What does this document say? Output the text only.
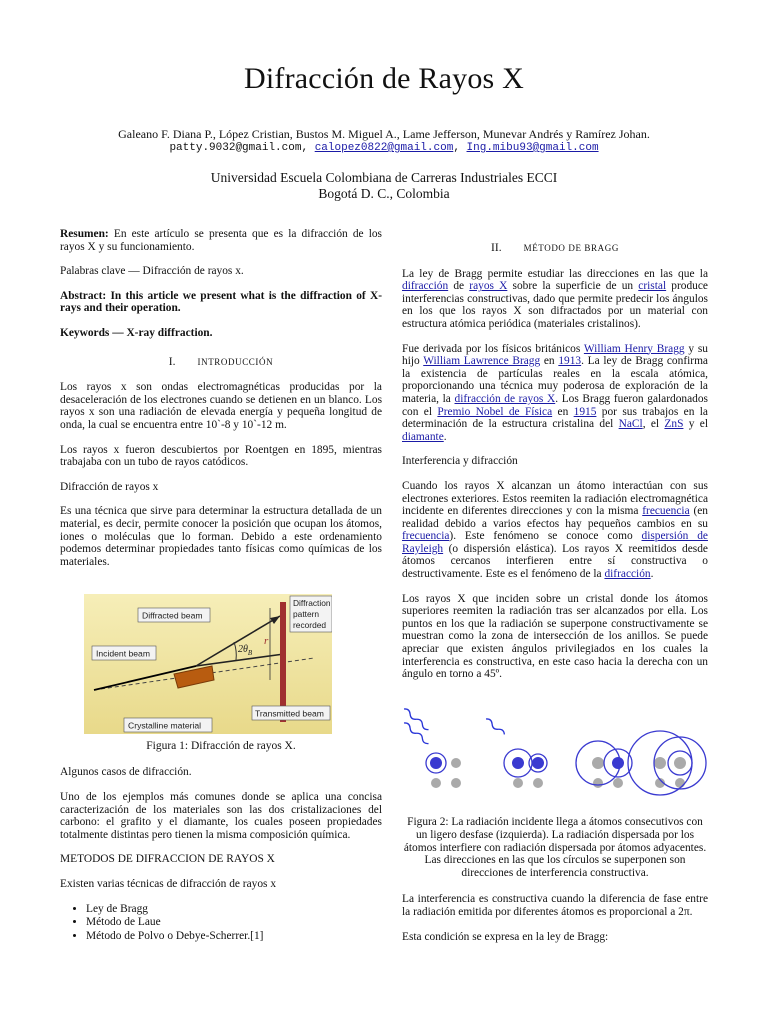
Difracción de Rayos X
Galeano F. Diana P., López Cristian, Bustos M. Miguel A., Lame Jefferson, Munevar Andrés y Ramírez Johan.
patty.9032@gmail.com, calopez0822@gmail.com, Ing.mibu93@gmail.com
Universidad Escuela Colombiana de Carreras Industriales ECCI
Bogotá D. C., Colombia

Resumen: En este artículo se presenta que es la difracción de los rayos X y su funcionamiento.

Palabras clave — Difracción de rayos x.

Abstract: In this article we present what is the diffraction of X-rays and their operation.

Keywords — X-ray diffraction.

I. INTRODUCCIÓN

Los rayos x son ondas electromagnéticas producidas por la desaceleración de los electrones cuando se detienen en un blanco. Los rayos x son una radiación de elevada energía y pequeña longitud de onda, la cual se encuentra entre 10`-8 y 10`-12 m.

Los rayos x fueron descubiertos por Roentgen en 1895, mientras trabajaba con un tubo de rayos catódicos.

Difracción de rayos x

Es una técnica que sirve para determinar la estructura detallada de un material, es decir, permite conocer la posición que ocupan los átomos, iones o moléculas que lo forman. Debido a este ordenamiento podemos determinar propiedades tanto físicas como químicas de los materiales.

$2\theta_B$
r
Diffracted beam
Incident beam
Diffraction
pattern
recorded
Crystalline material
Transmitted beam
Figura 1: Difracción de rayos X.

Algunos casos de difracción.

Uno de los ejemplos más comunes donde se aplica una concisa caracterización de los materiales son las dos cristalizaciones del carbono: el grafito y el diamante, los cuales poseen propiedades totalmente distintas pero tienen la misma composición química.

METODOS DE DIFRACCION DE RAYOS X

Existen varias técnicas de difracción de rayos x

• Ley de Bragg
• Método de Laue
• Método de Polvo o Debye-Scherrer.[1]
II. MÉTODO DE BRAGG

La ley de Bragg permite estudiar las direcciones en las que la difracción de rayos X sobre la superficie de un cristal produce interferencias constructivas, dado que permite predecir los ángulos en los que los rayos X son difractados por un material con estructura atómica periódica (materiales cristalinos).

Fue derivada por los físicos británicos William Henry Bragg y su hijo William Lawrence Bragg en 1913. La ley de Bragg confirma la existencia de partículas reales en la escala atómica, proporcionando una técnica muy poderosa de exploración de la materia, la difracción de rayos X. Los Bragg fueron galardonados con el Premio Nobel de Física en 1915 por sus trabajos en la determinación de la estructura cristalina del NaCl, el ZnS y el diamante.

Interferencia y difracción

Cuando los rayos X alcanzan un átomo interactúan con sus electrones exteriores. Estos reemiten la radiación electromagnética incidente en diferentes direcciones y con la misma frecuencia (en realidad debido a varios efectos hay pequeños cambios en su frecuencia). Este fenómeno se conoce como dispersión de Rayleigh (o dispersión elástica). Los rayos X reemitidos desde átomos cercanos interfieren entre sí constructiva o destructivamente. Este es el fenómeno de la difracción.

Los rayos X que inciden sobre un cristal donde los átomos superiores reemiten la radiación tras ser alcanzados por ella. Los puntos en los que la radiación se superpone constructivamente se muestran como la zona de intersección de los anillos. Se puede apreciar que existen ángulos privilegiados en los cuales la interferencia es constructiva, en este caso hacia la derecha con un ángulo en torno a 45º.

Figura 2: La radiación incidente llega a átomos consecutivos con un ligero desfase (izquierda). La radiación dispersada por los átomos interfiere con radiación dispersada por átomos adyacentes. Las direcciones en las que los círculos se superponen son direcciones de interferencia constructiva.

La interferencia es constructiva cuando la diferencia de fase entre la radiación emitida por diferentes átomos es proporcional a 2π.

Esta condición se expresa en la ley de Bragg:
